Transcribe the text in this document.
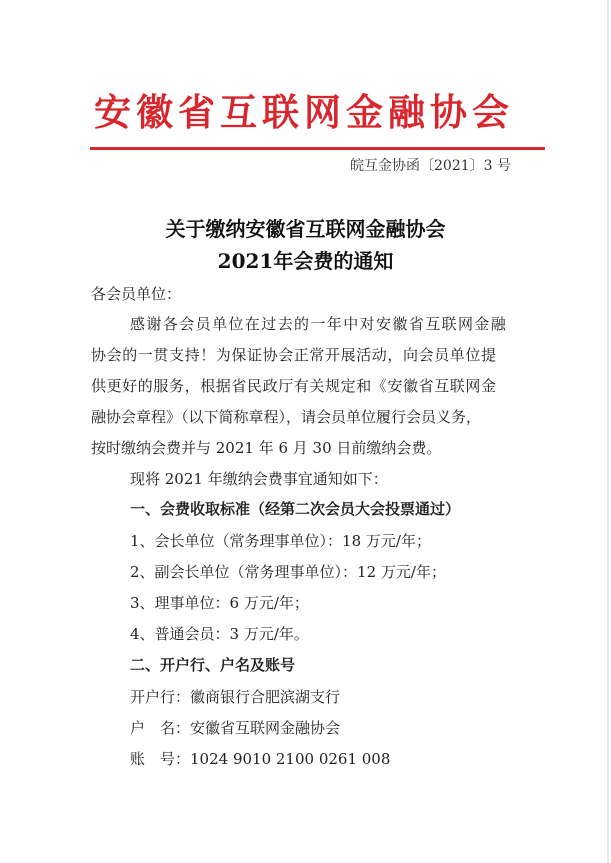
安徽省互联网金融协会
皖互金协函〔2021〕3 号
关于缴纳安徽省互联网金融协会
2021年会费的通知
各会员单位：
感谢各会员单位在过去的一年中对安徽省互联网金融
协会的一贯支持！为保证协会正常开展活动，向会员单位提
供更好的服务，根据省民政厅有关规定和《安徽省互联网金
融协会章程》（以下简称章程），请会员单位履行会员义务，
按时缴纳会费并与 2021 年 6 月 30 日前缴纳会费。
现将 2021 年缴纳会费事宜通知如下：
一、会费收取标准（经第二次会员大会投票通过）
1、会长单位（常务理事单位）：18 万元/年；
2、副会长单位（常务理事单位）：12 万元/年；
3、理事单位：6 万元/年；
4、普通会员：3 万元/年。
二、开户行、户名及账号
开户行：徽商银行合肥滨湖支行
户　名：安徽省互联网金融协会
账　号：1024 9010 2100 0261 008
